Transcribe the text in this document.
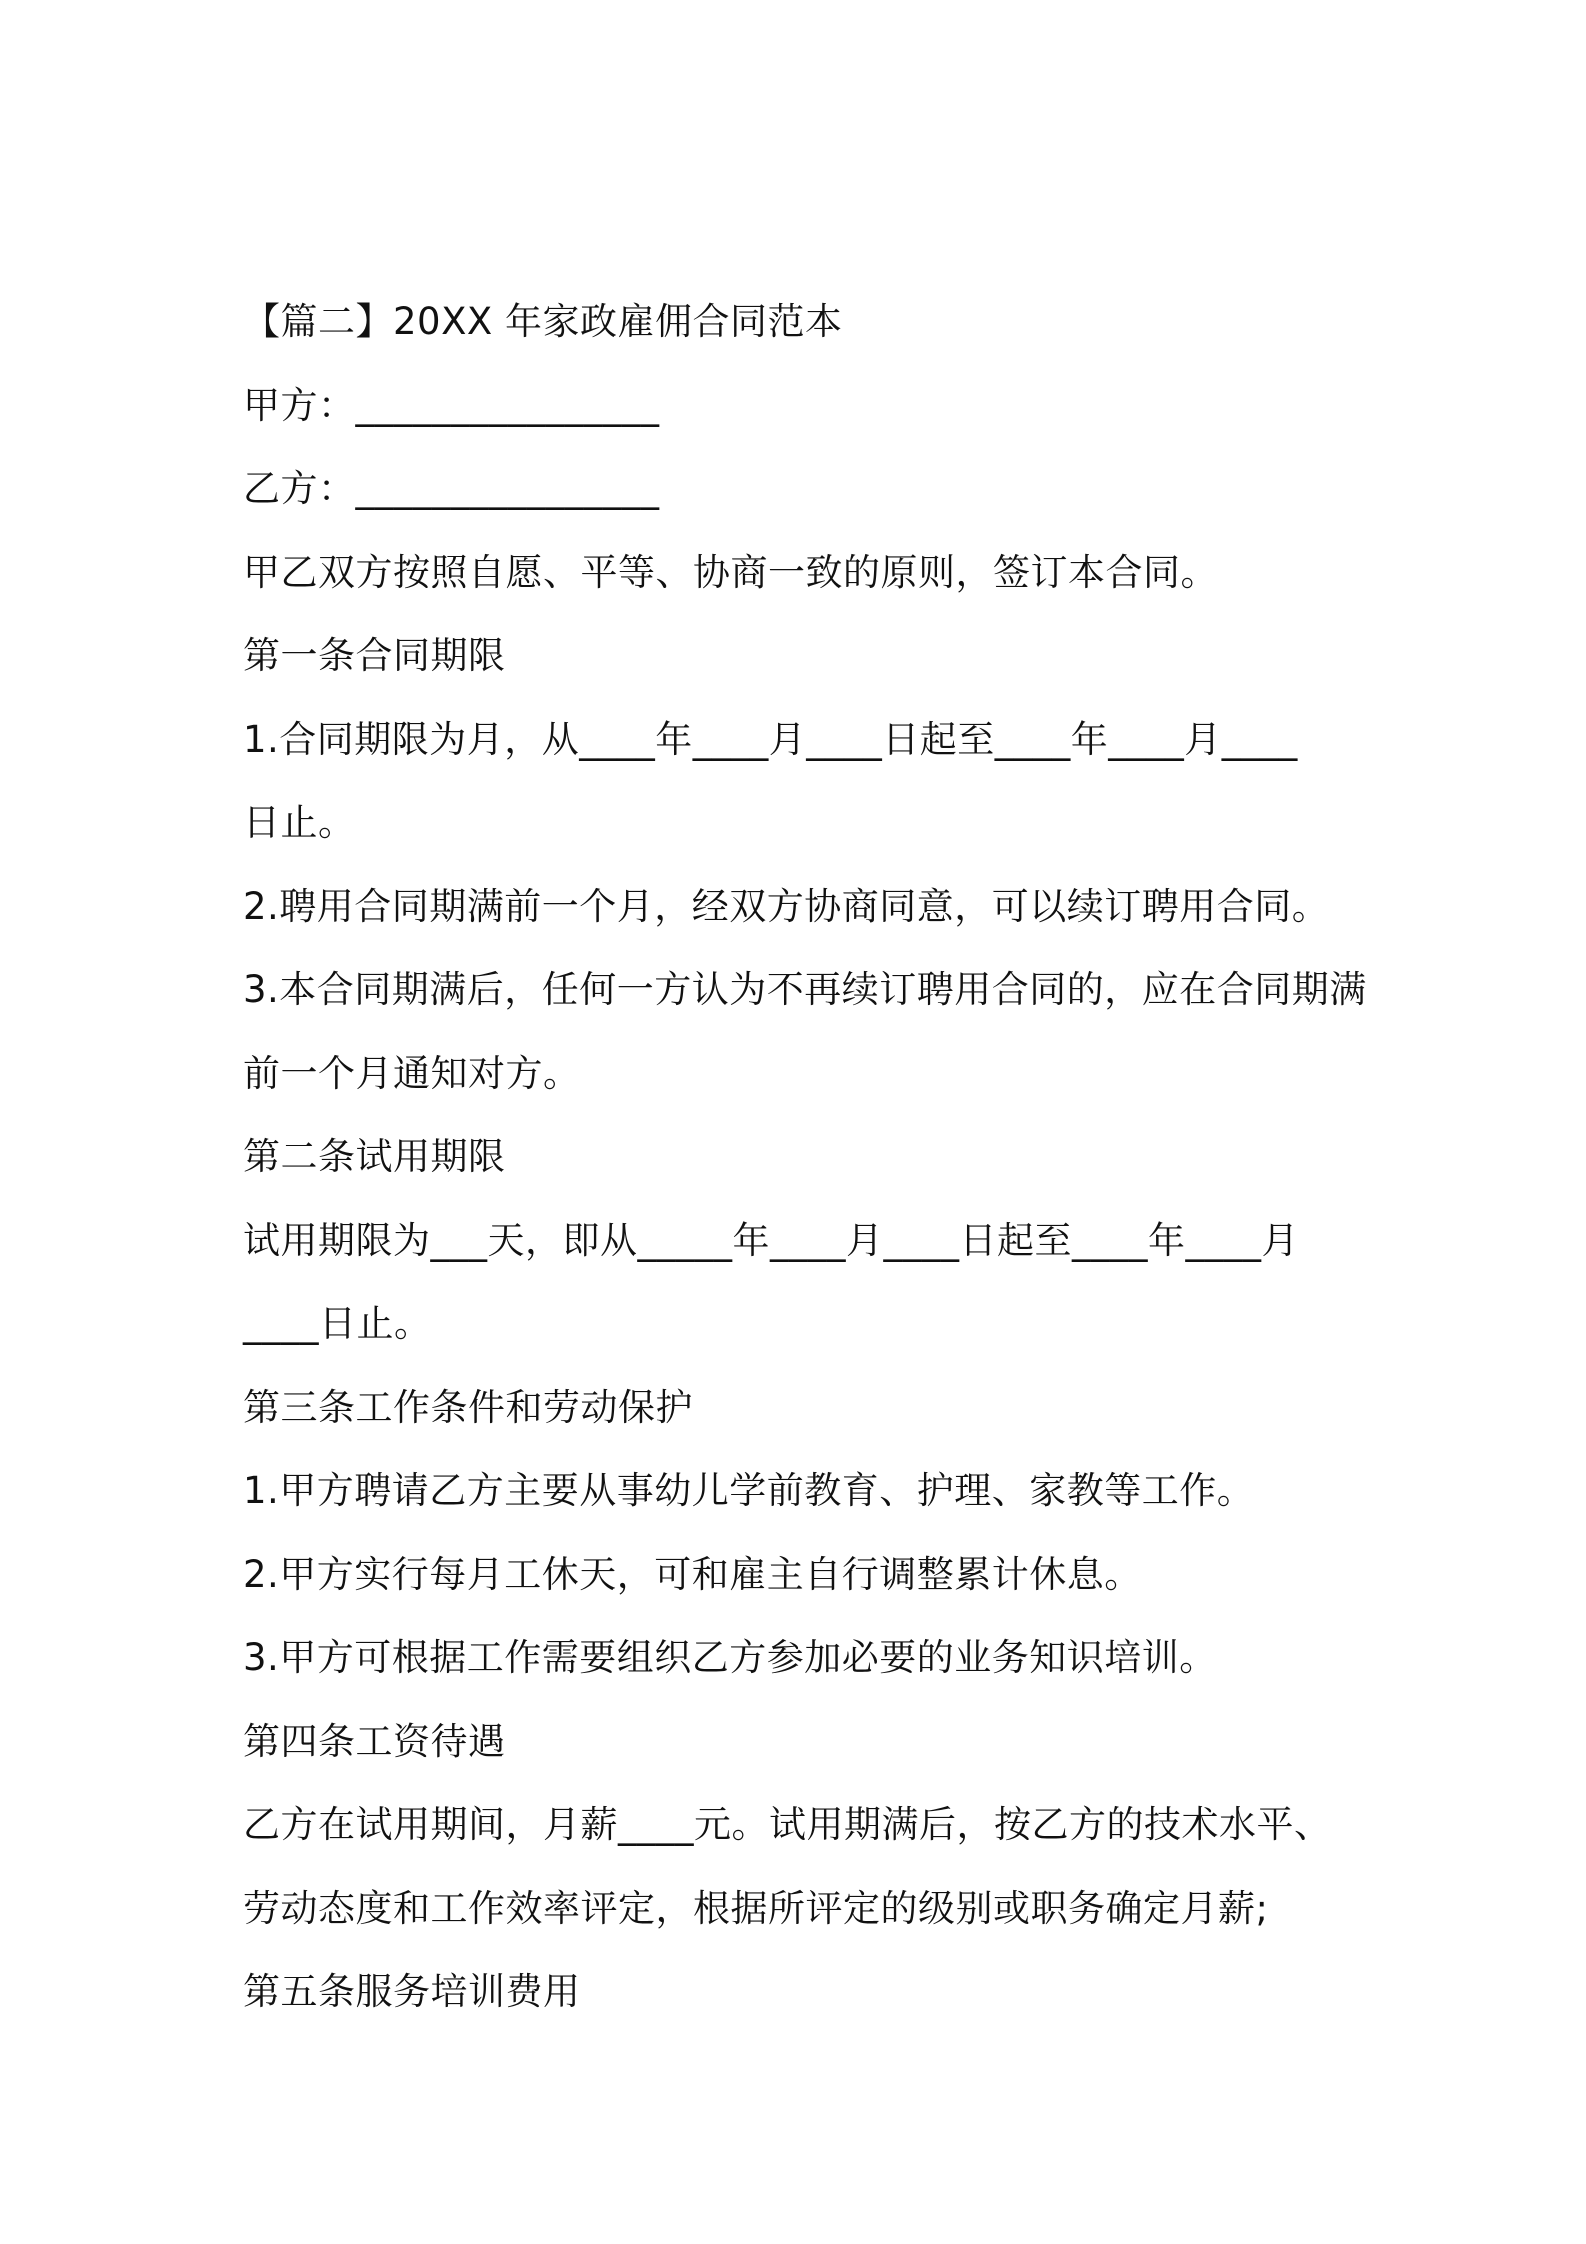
【篇二】20XX 年家政雇佣合同范本
甲方：________________
乙方：________________
甲乙双方按照自愿、平等、协商一致的原则，签订本合同。
第一条合同期限
1.合同期限为月，从____年____月____日起至____年____月____
日止。
2.聘用合同期满前一个月，经双方协商同意，可以续订聘用合同。
3.本合同期满后，任何一方认为不再续订聘用合同的，应在合同期满
前一个月通知对方。
第二条试用期限
试用期限为___天，即从_____年____月____日起至____年____月
____日止。
第三条工作条件和劳动保护
1.甲方聘请乙方主要从事幼儿学前教育、护理、家教等工作。
2.甲方实行每月工休天，可和雇主自行调整累计休息。
3.甲方可根据工作需要组织乙方参加必要的业务知识培训。
第四条工资待遇
乙方在试用期间，月薪____元。试用期满后，按乙方的技术水平、
劳动态度和工作效率评定，根据所评定的级别或职务确定月薪;
第五条服务培训费用
